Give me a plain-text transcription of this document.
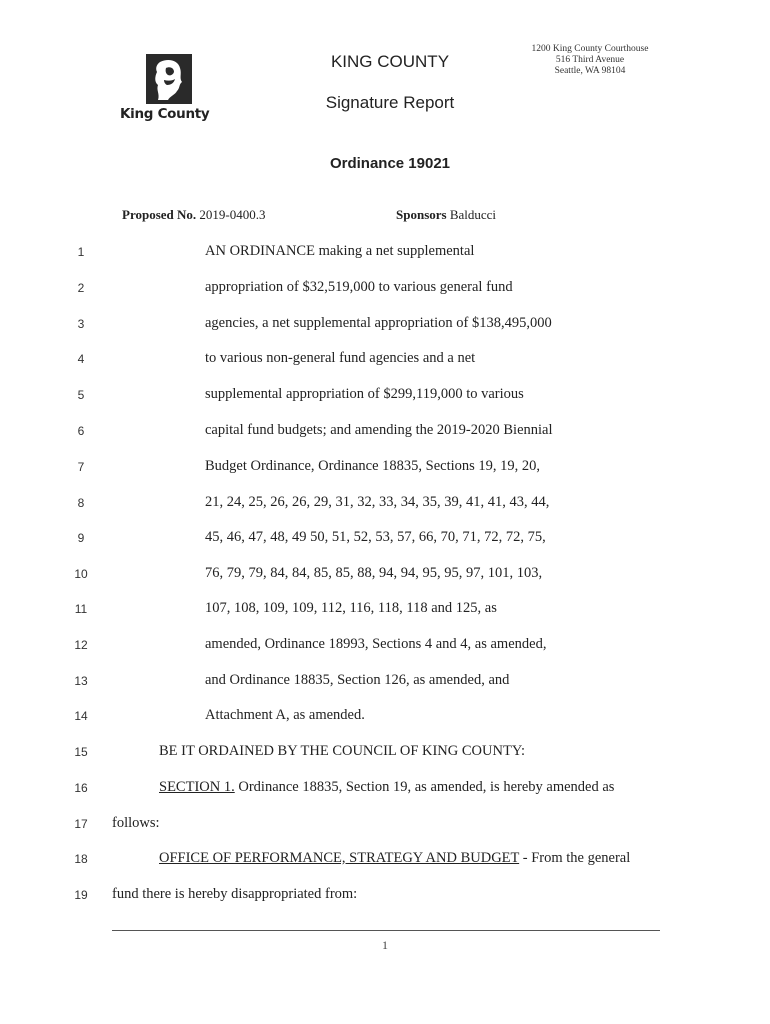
King County
KING COUNTY
Signature Report
1200 King County Courthouse
516 Third Avenue
Seattle, WA 98104
Ordinance 19021
Proposed No. 2019-0400.3	Sponsors Balducci
1	AN ORDINANCE making a net supplemental
2	appropriation of $32,519,000 to various general fund
3	agencies, a net supplemental appropriation of $138,495,000
4	to various non-general fund agencies and a net
5	supplemental appropriation of $299,119,000 to various
6	capital fund budgets; and amending the 2019-2020 Biennial
7	Budget Ordinance, Ordinance 18835, Sections 19, 19, 20,
8	21, 24, 25, 26, 26, 29, 31, 32, 33, 34, 35, 39, 41, 41, 43, 44,
9	45, 46, 47, 48, 49 50, 51, 52, 53, 57, 66, 70, 71, 72, 72, 75,
10	76, 79, 79, 84, 84, 85, 85, 88, 94, 94, 95, 95, 97, 101, 103,
11	107, 108, 109, 109, 112, 116, 118, 118 and 125, as
12	amended, Ordinance 18993, Sections 4 and 4, as amended,
13	and Ordinance 18835, Section 126, as amended, and
14	Attachment A, as amended.
15	BE IT ORDAINED BY THE COUNCIL OF KING COUNTY:
16	SECTION 1. Ordinance 18835, Section 19, as amended, is hereby amended as
17	follows:
18	OFFICE OF PERFORMANCE, STRATEGY AND BUDGET - From the general
19	fund there is hereby disappropriated from:
1
